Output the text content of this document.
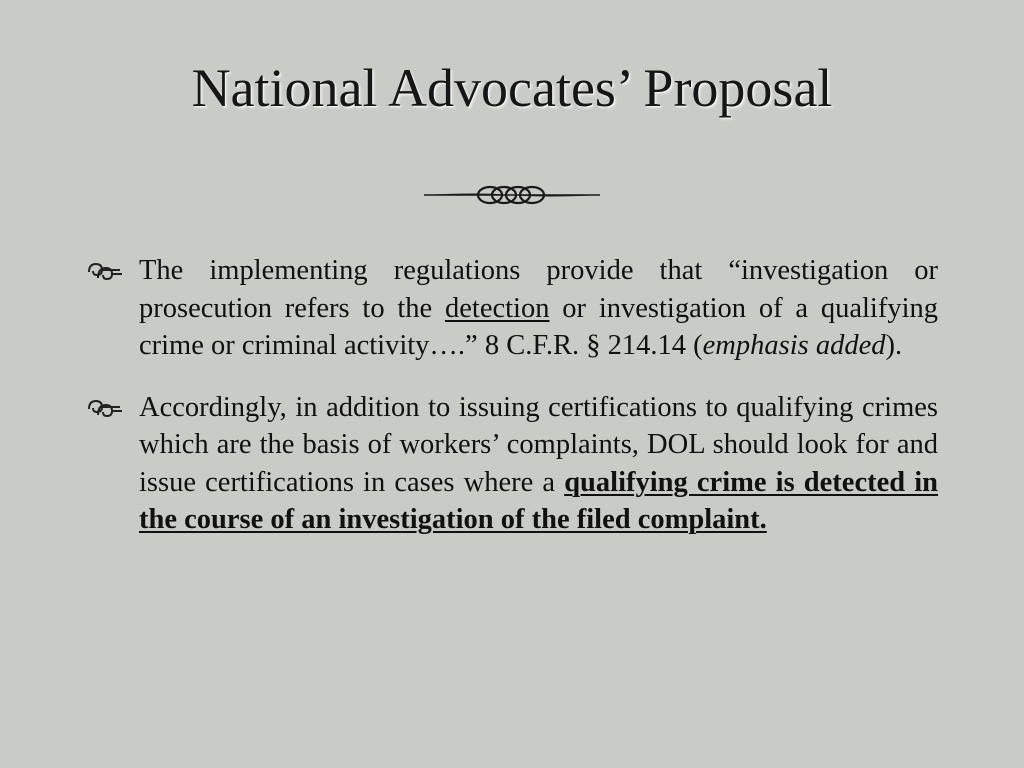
National Advocates’ Proposal
The implementing regulations provide that “investigation or prosecution refers to the detection or investigation of a qualifying crime or criminal activity….” 8 C.F.R. § 214.14 (emphasis added).
Accordingly, in addition to issuing certifications to qualifying crimes which are the basis of workers’ complaints, DOL should look for and issue certifications in cases where a qualifying crime is detected in the course of an investigation of the filed complaint.
